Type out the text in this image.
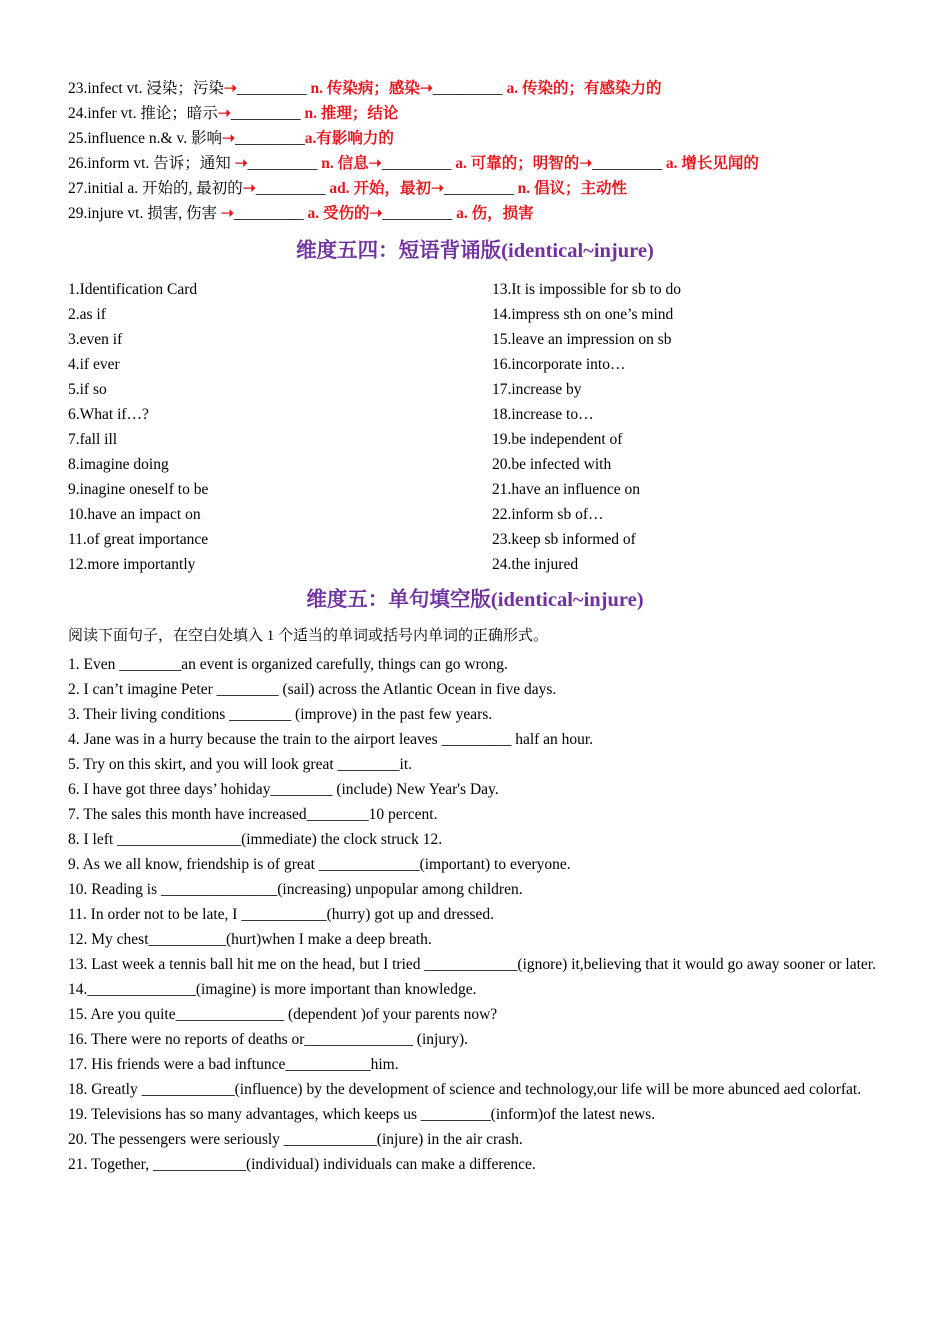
23.infect vt. 浸染；污染➝_________ n. 传染病；感染➝_________ a. 传染的；有感染力的
24.infer vt. 推论；暗示➝_________ n. 推理；结论
25.influence n.& v. 影响➝_________a.有影响力的
26.inform vt. 告诉；通知 ➝_________ n. 信息➝_________ a. 可靠的；明智的➝_________ a. 增长见闻的
27.initial a. 开始的, 最初的➝_________ ad. 开始，最初➝_________ n. 倡议；主动性
29.injure vt. 损害, 伤害 ➝_________ a. 受伤的➝_________ a. 伤，损害
维度五四：短语背诵版(identical~injure)
1.Identification Card
2.as if
3.even if
4.if ever
5.if so
6.What if…?
7.fall ill
8.imagine doing
9.inagine oneself to be
10.have an impact on
11.of great importance
12.more importantly
13.It is impossible for sb to do
14.impress sth on one’s mind
15.leave an impression on sb
16.incorporate into…
17.increase by
18.increase to…
19.be independent of
20.be infected with
21.have an influence on
22.inform sb of…
23.keep sb informed of
24.the injured
维度五：单句填空版(identical~injure)
阅读下面句子，在空白处填入 1 个适当的单词或括号内单词的正确形式。
1. Even ________an event is organized carefully, things can go wrong.
2. I can’t imagine Peter ________ (sail) across the Atlantic Ocean in five days.
3. Their living conditions ________ (improve) in the past few years.
4. Jane was in a hurry because the train to the airport leaves _________ half an hour.
5. Try on this skirt, and you will look great ________it.
6. I have got three days’ hohiday________ (include) New Year's Day.
7. The sales this month have increased________10 percent.
8. I left ________________(immediate) the clock struck 12.
9. As we all know, friendship is of great _____________(important) to everyone.
10. Reading is _______________(increasing) unpopular among children.
11. In order not to be late, I ___________(hurry) got up and dressed.
12. My chest__________(hurt)when I make a deep breath.
13. Last week a tennis ball hit me on the head, but I tried ____________(ignore) it,believing that it would go away sooner or later.
14.______________(imagine) is more important than knowledge.
15. Are you quite______________ (dependent )of your parents now?
16. There were no reports of deaths or______________ (injury).
17. His friends were a bad inftunce___________him.
18. Greatly ____________(influence) by the development of science and technology,our life will be more abunced aed colorfat.
19. Televisions has so many advantages, which keeps us _________(inform)of the latest news.
20. The pessengers were seriously ____________(injure) in the air crash.
21. Together, ____________(individual) individuals can make a difference.
